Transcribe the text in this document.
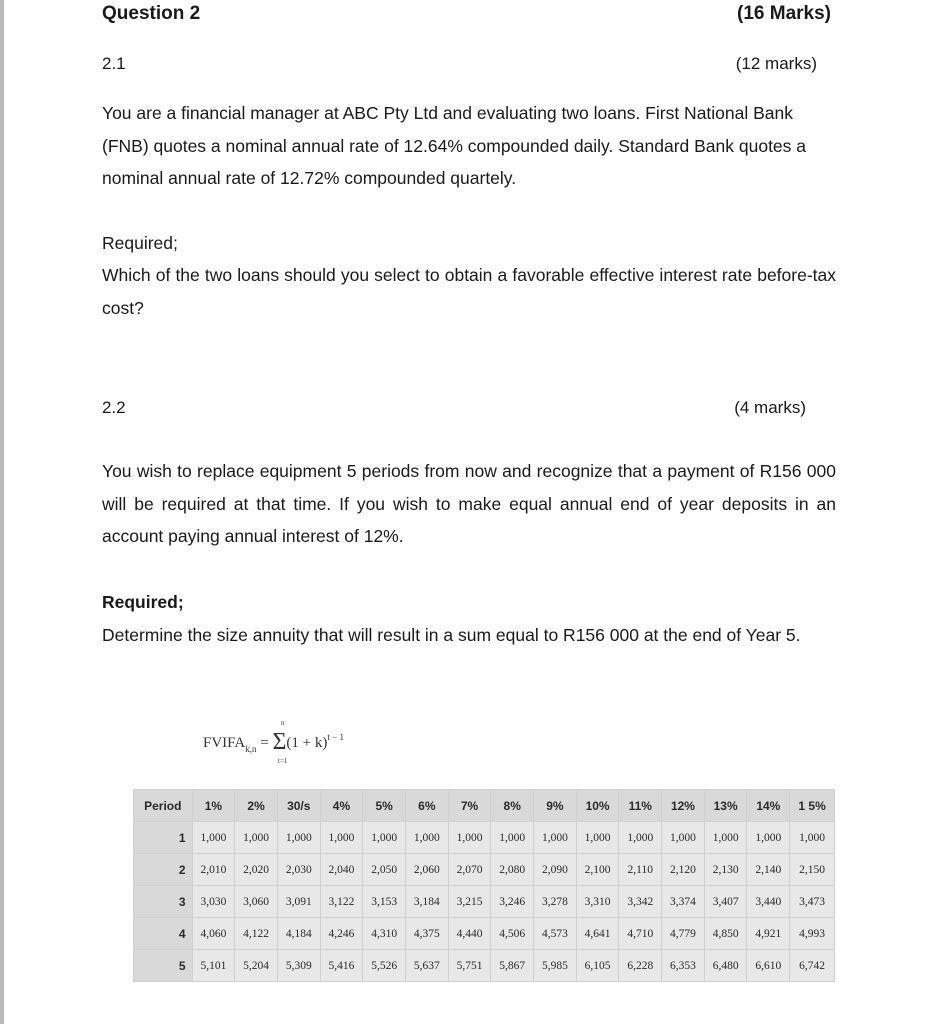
Question 2	(16 Marks)
2.1	(12 marks)
You are a financial manager at ABC Pty Ltd and evaluating two loans. First National Bank (FNB) quotes a nominal annual rate of 12.64% compounded daily. Standard Bank quotes a nominal annual rate of 12.72% compounded quartely.
Required;
Which of the two loans should you select to obtain a favorable effective interest rate before-tax cost?
2.2	(4 marks)
You wish to replace equipment 5 periods from now and recognize that a payment of R156 000 will be required at that time. If you wish to make equal annual end of year deposits in an account paying annual interest of 12%.
Required;
Determine the size annuity that will result in a sum equal to R156 000 at the end of Year 5.
$FVIFA_{k,n} = \Sigma(1 + k)^{t - 1}$
n
t=1
Period	1%	2%	30/s	4%	5%	6%	7%	8%	9%	10%	11%	12%	13%	14%	1 5%
1	1,000	1,000	1,000	1,000	1,000	1,000	1,000	1,000	1,000	1,000	1,000	1,000	1,000	1,000	1,000
2	2,010	2,020	2,030	2,040	2,050	2,060	2,070	2,080	2,090	2,100	2,110	2,120	2,130	2,140	2,150
3	3,030	3,060	3,091	3,122	3,153	3,184	3,215	3,246	3,278	3,310	3,342	3,374	3,407	3,440	3,473
4	4,060	4,122	4,184	4,246	4,310	4,375	4,440	4,506	4,573	4,641	4,710	4,779	4,850	4,921	4,993
5	5,101	5,204	5,309	5,416	5,526	5,637	5,751	5,867	5,985	6,105	6,228	6,353	6,480	6,610	6,742
